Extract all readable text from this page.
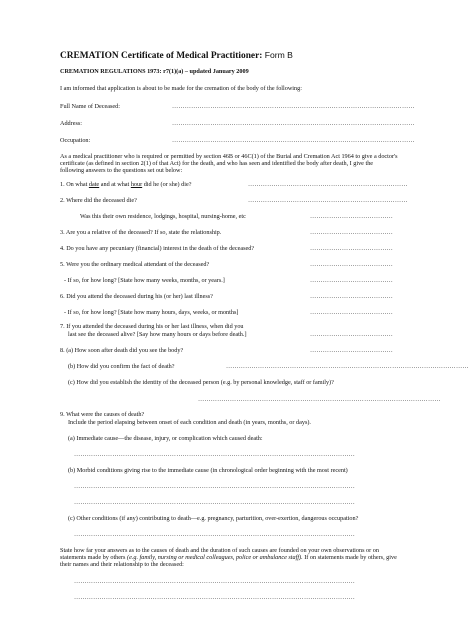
CREMATION Certificate of Medical Practitioner: Form B
CREMATION REGULATIONS 1973: r7(1)(a) – updated January 2009
I am informed that application is about to be made for the cremation of the body of the following:
Full Name of Deceased:	……………………………………………………………………………………………………
Address:	……………………………………………………………………………………………………
Occupation:	……………………………………………………………………………………………………
As a medical practitioner who is required or permitted by section 46B or 46C(1) of the Burial and Cremation Act 1964 to give a doctor's certificate (as defined in section 2(1) of that Act) for the death, and who has seen and identified the body after death, I give the following answers to the questions set out below:
1. On what date and at what hour did he (or she) die?	…………………………………………………………………
2. Where did the deceased die?	…………………………………………………………………
Was this their own residence, lodgings, hospital, nursing-home, etc	…………………………………
3. Are you a relative of the deceased? If so, state the relationship.	…………………………………
4. Do you have any pecuniary (financial) interest in the death of the deceased?	…………………………………
5. Were you the ordinary medical attendant of the deceased?	…………………………………
- If so, for how long? [State how many weeks, months, or years.]	…………………………………
6. Did you attend the deceased during his (or her) last illness?	…………………………………
- If so, for how long? [State how many hours, days, weeks, or months]	…………………………………
7. If you attended the deceased during his or her last illness, when did you
last see the deceased alive? [Say how many hours or days before death.]	…………………………………
8. (a) How soon after death did you see the body?	…………………………………
(b) How did you confirm the fact of death?	……………………………………………………………………………………………………
(c) How did you establish the identity of the deceased person (e.g. by personal knowledge, staff or family)?
……………………………………………………………………………………………………
9. What were the causes of death?
Include the period elapsing between onset of each condition and death (in years, months, or days).
(a) Immediate cause—the disease, injury, or complication which caused death:
……………………………………………………………………………………………………………………
(b) Morbid conditions giving rise to the immediate cause (in chronological order beginning with the most recent)
……………………………………………………………………………………………………………………
……………………………………………………………………………………………………………………
(c) Other conditions (if any) contributing to death—e.g. pregnancy, parturition, over-exertion, dangerous occupation?
……………………………………………………………………………………………………………………
State how far your answers as to the causes of death and the duration of such causes are founded on your own observations or on statements made by others (e.g. family, nursing or medical colleagues, police or ambulance staff). If on statements made by others, give their names and their relationship to the deceased:
……………………………………………………………………………………………………………………
……………………………………………………………………………………………………………………
